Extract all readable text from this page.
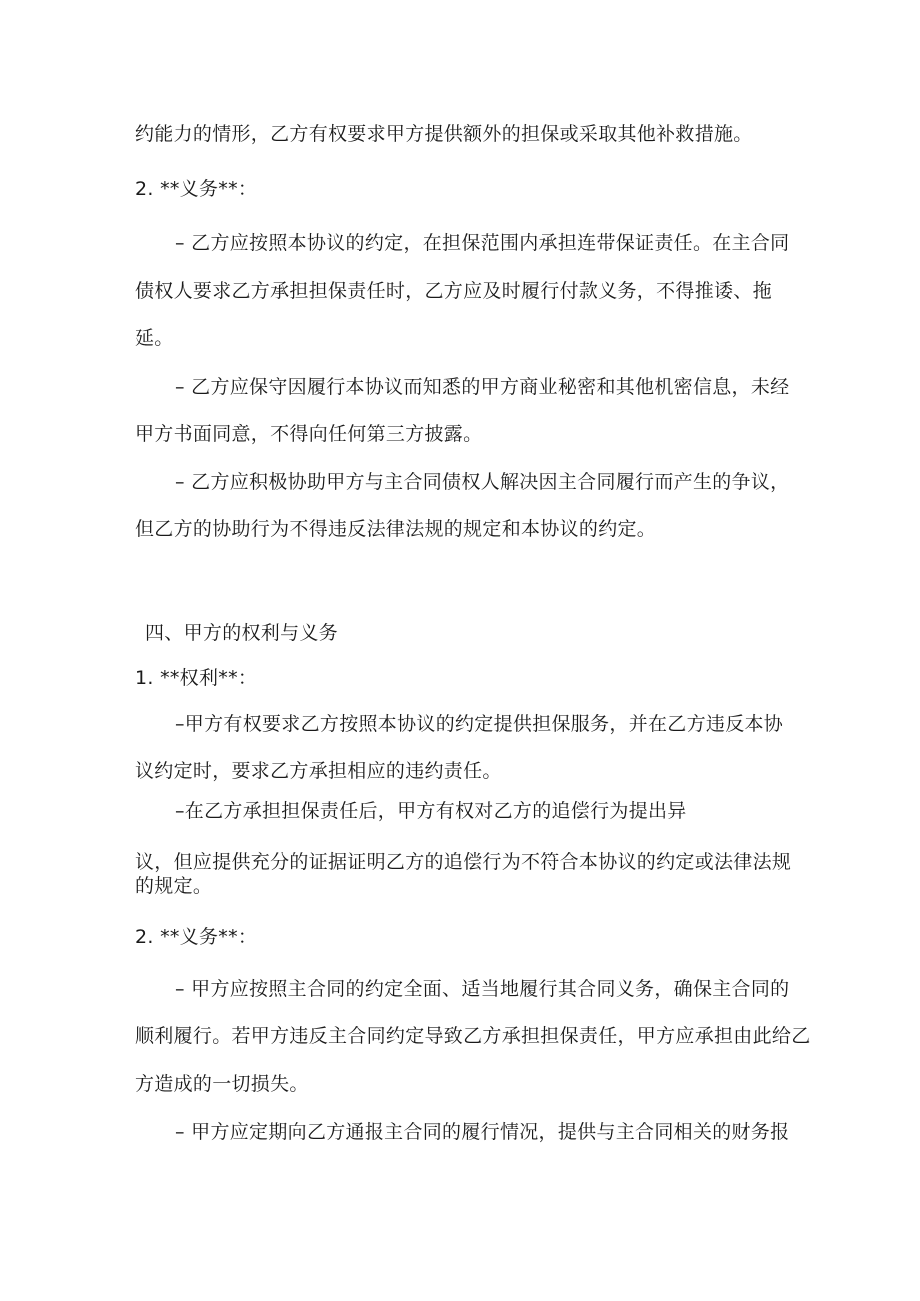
约能力的情形，乙方有权要求甲方提供额外的担保或采取其他补救措施。

2. **义务**：

– 乙方应按照本协议的约定，在担保范围内承担连带保证责任。在主合同

债权人要求乙方承担担保责任时，乙方应及时履行付款义务，不得推诿、拖

延。

– 乙方应保守因履行本协议而知悉的甲方商业秘密和其他机密信息，未经

甲方书面同意，不得向任何第三方披露。

– 乙方应积极协助甲方与主合同债权人解决因主合同履行而产生的争议，

但乙方的协助行为不得违反法律法规的规定和本协议的约定。

四、甲方的权利与义务

1. **权利**：

–甲方有权要求乙方按照本协议的约定提供担保服务，并在乙方违反本协

议约定时，要求乙方承担相应的违约责任。

–在乙方承担担保责任后，甲方有权对乙方的追偿行为提出异

议，但应提供充分的证据证明乙方的追偿行为不符合本协议的约定或法律法规

的规定。

2. **义务**：

– 甲方应按照主合同的约定全面、适当地履行其合同义务，确保主合同的

顺利履行。若甲方违反主合同约定导致乙方承担担保责任，甲方应承担由此给乙

方造成的一切损失。

– 甲方应定期向乙方通报主合同的履行情况，提供与主合同相关的财务报
